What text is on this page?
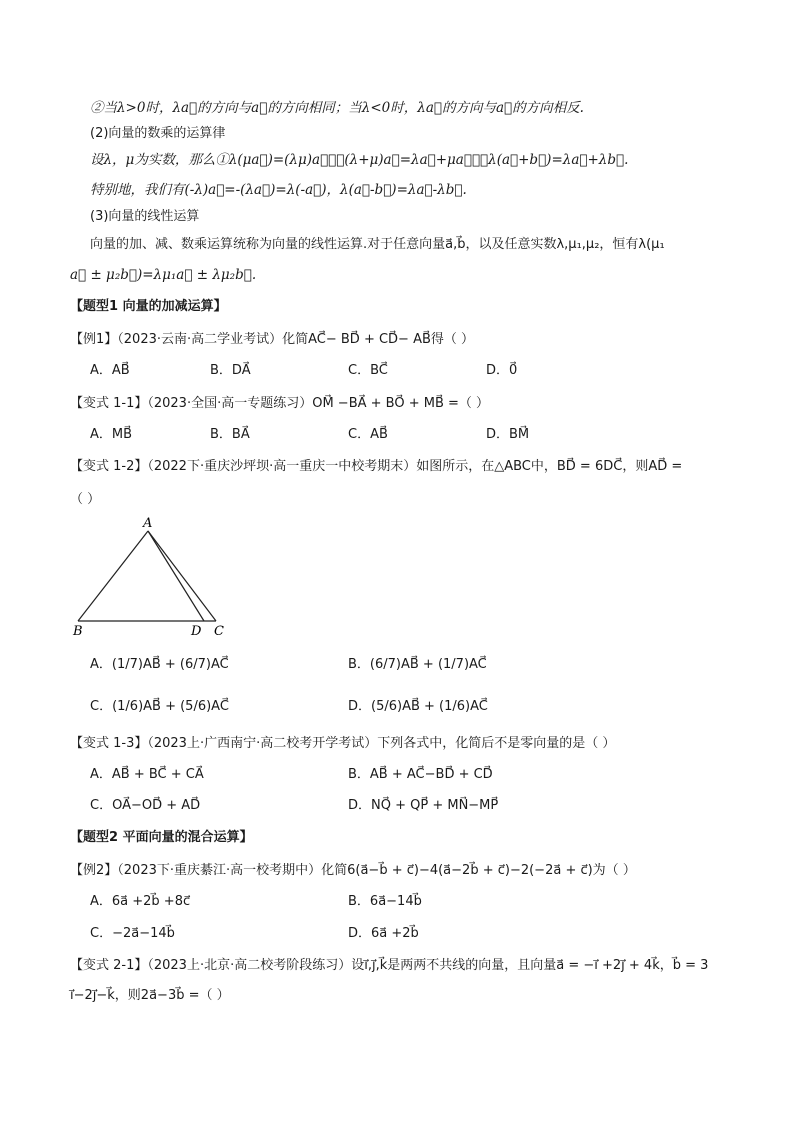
②当λ>0时，λa⃗的方向与a⃗的方向相同；当λ<0时，λa⃗的方向与a⃗的方向相反.
(2)向量的数乘的运算律
设λ，μ为实数，那么①λ(μa⃗)=(λμ)a⃗；②(λ+μ)a⃗=λa⃗+μa⃗；③λ(a⃗+b⃗)=λa⃗+λb⃗.
特别地，我们有(-λ)a⃗=-(λa⃗)=λ(-a⃗)，λ(a⃗-b⃗)=λa⃗-λb⃗.
(3)向量的线性运算
向量的加、减、数乘运算统称为向量的线性运算.对于任意向量a⃗,b⃗，以及任意实数λ,μ₁,μ₂，恒有λ(μ₁
a⃗ ± μ₂b⃗)=λμ₁a⃗ ± λμ₂b⃗.
【题型1 向量的加减运算】
【例1】（2023·云南·高二学业考试）化简AC⃗− BD⃗ + CD⃗− AB⃗得（ ）
A．AB⃗	B．DA⃗	C．BC⃗	D．0⃗
【变式 1-1】（2023·全国·高一专题练习）OM⃗ −BA⃗ + BO⃗ + MB⃗ =（ ）
A．MB⃗	B．BA⃗	C．AB⃗	D．BM⃗
【变式 1-2】（2022下·重庆沙坪坝·高一重庆一中校考期末）如图所示，在△ABC中，BD⃗ = 6DC⃗，则AD⃗ =
（ ）
A
B	D C
A．(1/7)AB⃗ + (6/7)AC⃗	B．(6/7)AB⃗ + (1/7)AC⃗
C．(1/6)AB⃗ + (5/6)AC⃗	D．(5/6)AB⃗ + (1/6)AC⃗
【变式 1-3】（2023上·广西南宁·高二校考开学考试）下列各式中，化简后不是零向量的是（ ）
A．AB⃗ + BC⃗ + CA⃗	B．AB⃗ + AC⃗−BD⃗ + CD⃗
C．OA⃗−OD⃗ + AD⃗	D．NQ⃗ + QP⃗ + MN⃗−MP⃗
【题型2 平面向量的混合运算】
【例2】（2023下·重庆綦江·高一校考期中）化简6(a⃗−b⃗ + c⃗)−4(a⃗−2b⃗ + c⃗)−2(−2a⃗ + c⃗)为（ ）
A．6a⃗ +2b⃗ +8c⃗	B．6a⃗−14b⃗
C．−2a⃗−14b⃗	D．6a⃗ +2b⃗
【变式 2-1】（2023上·北京·高二校考阶段练习）设i⃗,j⃗,k⃗是两两不共线的向量，且向量a⃗ = −i⃗ +2j⃗ + 4k⃗，b⃗ = 3
i⃗−2j⃗−k⃗，则2a⃗−3b⃗ =（ ）
